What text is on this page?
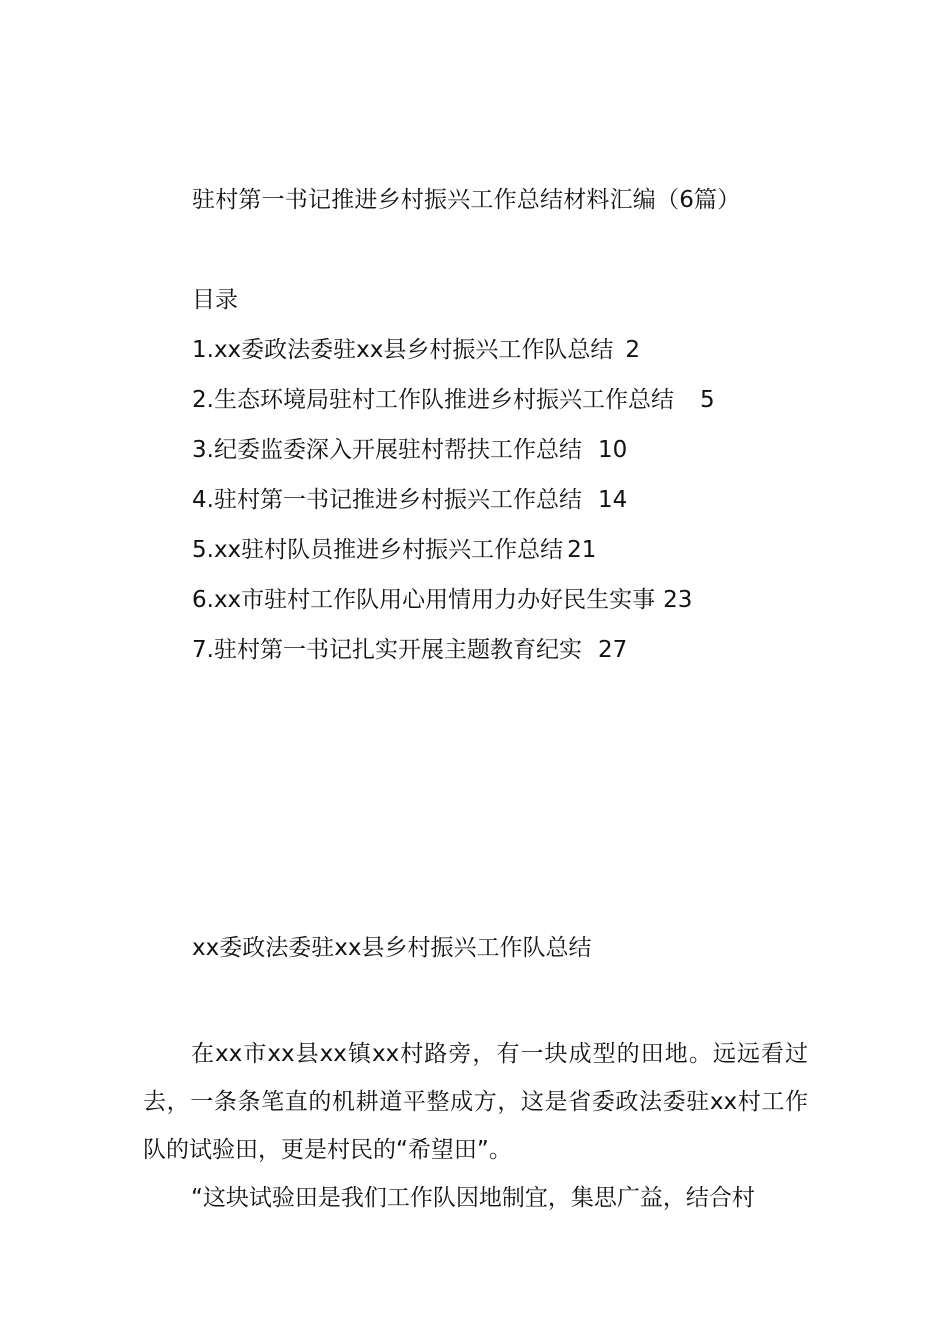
驻村第一书记推进乡村振兴工作总结材料汇编（6篇）
目录
1.xx委政法委驻xx县乡村振兴工作队总结 2
2.生态环境局驻村工作队推进乡村振兴工作总结 5
3.纪委监委深入开展驻村帮扶工作总结 10
4.驻村第一书记推进乡村振兴工作总结 14
5.xx驻村队员推进乡村振兴工作总结 21
6.xx市驻村工作队用心用情用力办好民生实事 23
7.驻村第一书记扎实开展主题教育纪实 27
xx委政法委驻xx县乡村振兴工作队总结

在xx市xx县xx镇xx村路旁，有一块成型的田地。远远看过去，一条条笔直的机耕道平整成方，这是省委政法委驻xx村工作队的试验田，更是村民的“希望田”。

“这块试验田是我们工作队因地制宜，集思广益，结合村
